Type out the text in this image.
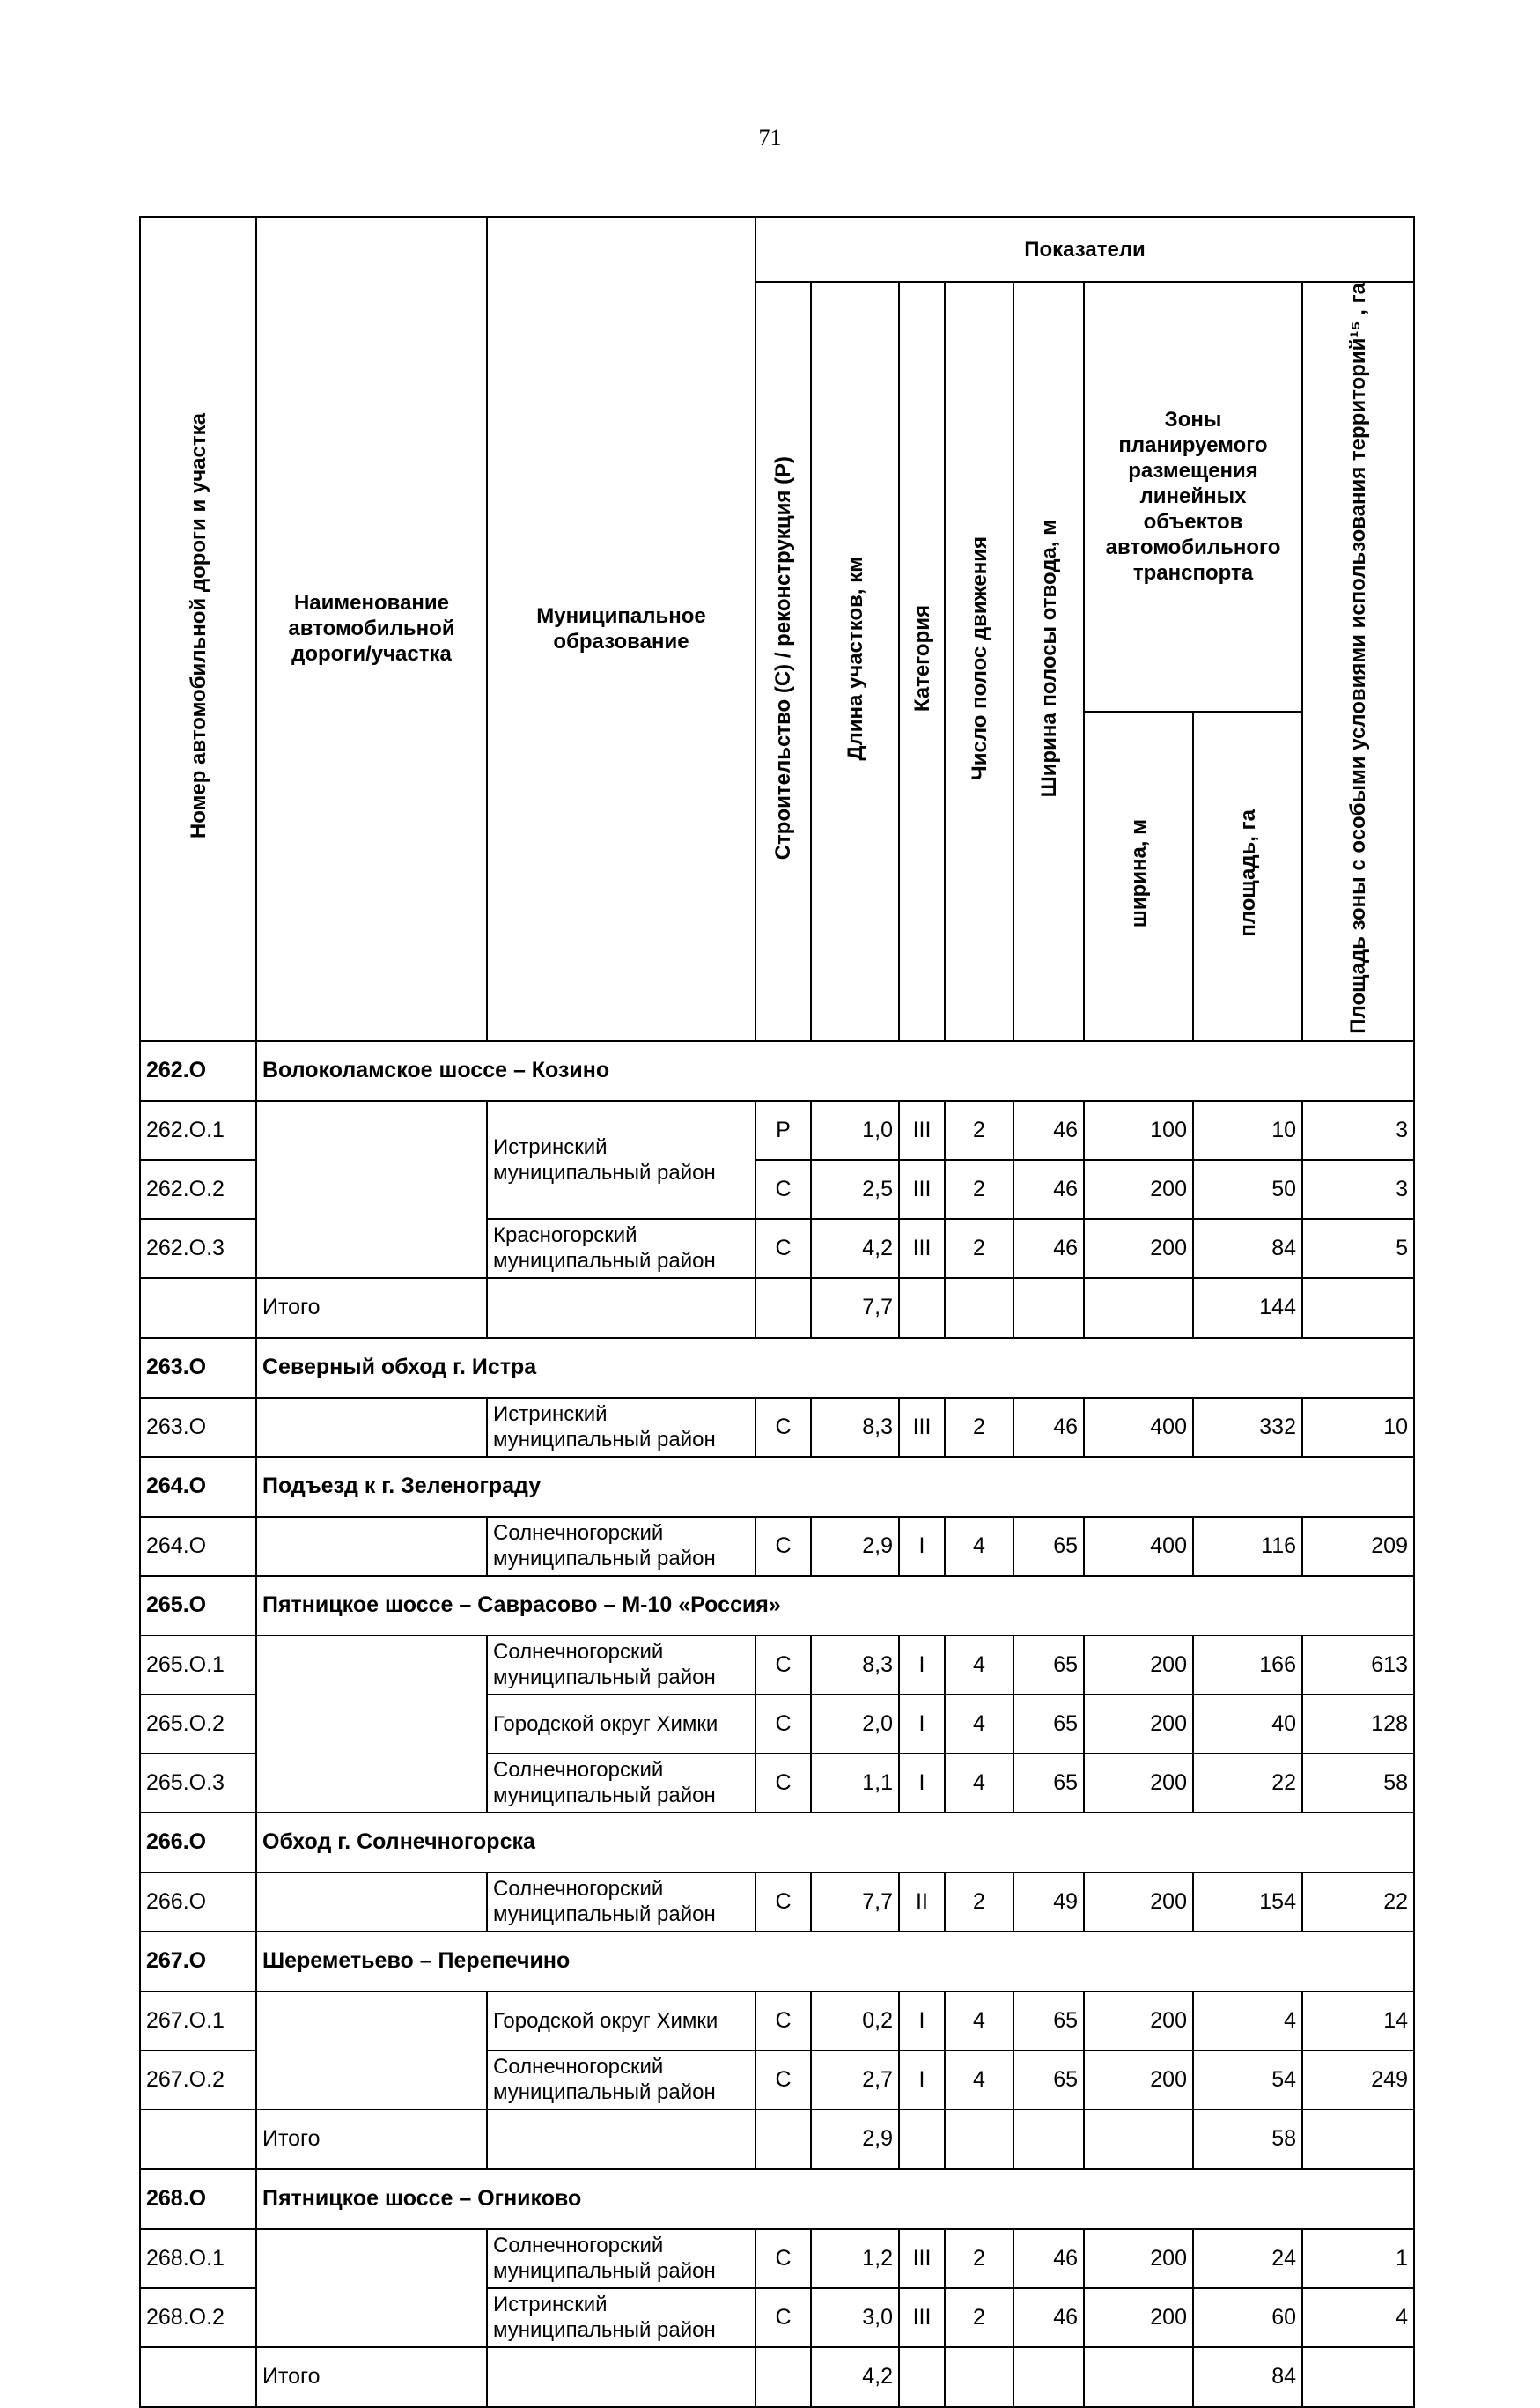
71
Номер автомобильной дороги и участка	Наименование автомобильной дороги/участка	Муниципальное образование	Показатели							
			Строительство (С) / реконструкция (Р)	Длина участков, км	Категория	Число полос движения	Ширина полосы отвода, м	Зоны планируемого размещения линейных объектов автомобильного транспорта		Площадь зоны с особыми условиями использования территорий¹⁵ , га
								ширина, м	площадь, га	
262.О	Волоколамское шоссе – Козино									
262.О.1		Истринский муниципальный район	Р	1,0	III	2	46	100	10	3
262.О.2			С	2,5	III	2	46	200	50	3
262.О.3		Красногорский муниципальный район	С	4,2	III	2	46	200	84	5
	Итого			7,7					144	
263.О	Северный обход г. Истра									
263.О		Истринский муниципальный район	С	8,3	III	2	46	400	332	10
264.О	Подъезд к г. Зеленограду									
264.О		Солнечногорский муниципальный район	С	2,9	I	4	65	400	116	209
265.О	Пятницкое шоссе – Саврасово – М-10 «Россия»									
265.О.1		Солнечногорский муниципальный район	С	8,3	I	4	65	200	166	613
265.О.2		Городской округ Химки	С	2,0	I	4	65	200	40	128
265.О.3		Солнечногорский муниципальный район	С	1,1	I	4	65	200	22	58
266.О	Обход г. Солнечногорска									
266.О		Солнечногорский муниципальный район	С	7,7	II	2	49	200	154	22
267.О	Шереметьево – Перепечино									
267.О.1		Городской округ Химки	С	0,2	I	4	65	200	4	14
267.О.2		Солнечногорский муниципальный район	С	2,7	I	4	65	200	54	249
	Итого			2,9					58	
268.О	Пятницкое шоссе – Огниково									
268.О.1		Солнечногорский муниципальный район	С	1,2	III	2	46	200	24	1
268.О.2		Истринский муниципальный район	С	3,0	III	2	46	200	60	4
	Итого			4,2					84	
